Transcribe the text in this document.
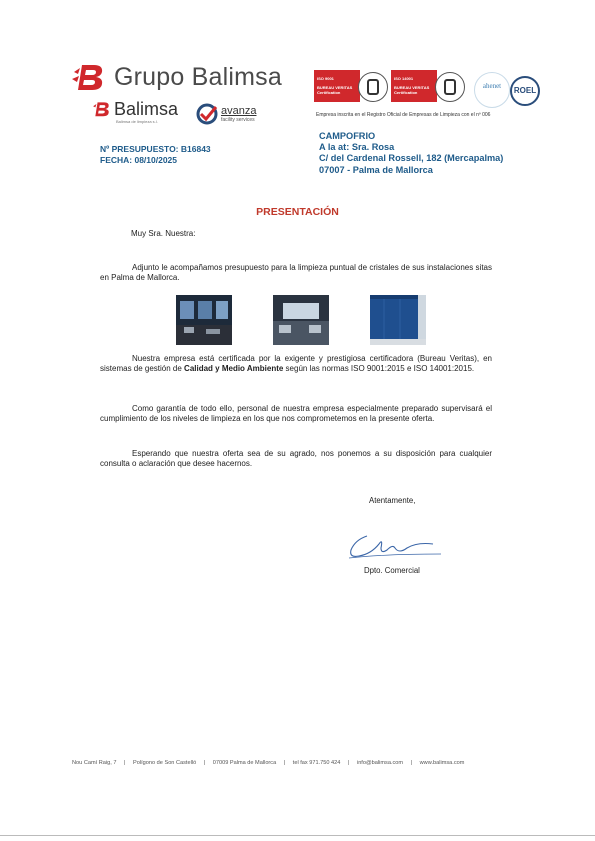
Grupo Balimsa
Balimsa
Balimsa de limpieza s.l.
avanza
facility services
ISO 9001
BUREAU VERITAS
Certification
ISO 14001
BUREAU VERITAS
Certification
ahenet	ROEL
Empresa inscrita en el Registro Oficial de Empresas de Limpieza con el nº 006
Nº PRESUPUESTO: B16843
FECHA: 08/10/2025
CAMPOFRIO
A la at: Sra. Rosa
C/ del Cardenal Rossell, 182 (Mercapalma)
07007 - Palma de Mallorca
PRESENTACIÓN
Muy Sra. Nuestra:
Adjunto le acompañamos presupuesto para la limpieza puntual de cristales de sus instalaciones sitas en Palma de Mallorca.
Nuestra empresa está certificada por la exigente y prestigiosa certificadora (Bureau Veritas), en sistemas de gestión de Calidad y Medio Ambiente según las normas ISO 9001:2015 e ISO 14001:2015.
Como garantía de todo ello, personal de nuestra empresa especialmente preparado supervisará el cumplimiento de los niveles de limpieza en los que nos comprometemos en la presente oferta.
Esperando que nuestra oferta sea de su agrado, nos ponemos a su disposición para cualquier consulta o aclaración que desee hacernos.
Atentamente,
Dpto. Comercial
Nou Camí Raig, 7 | Polígono de Son Castelló | 07009 Palma de Mallorca | tel fax 971.750 424 | info@balimsa.com | www.balimsa.com
